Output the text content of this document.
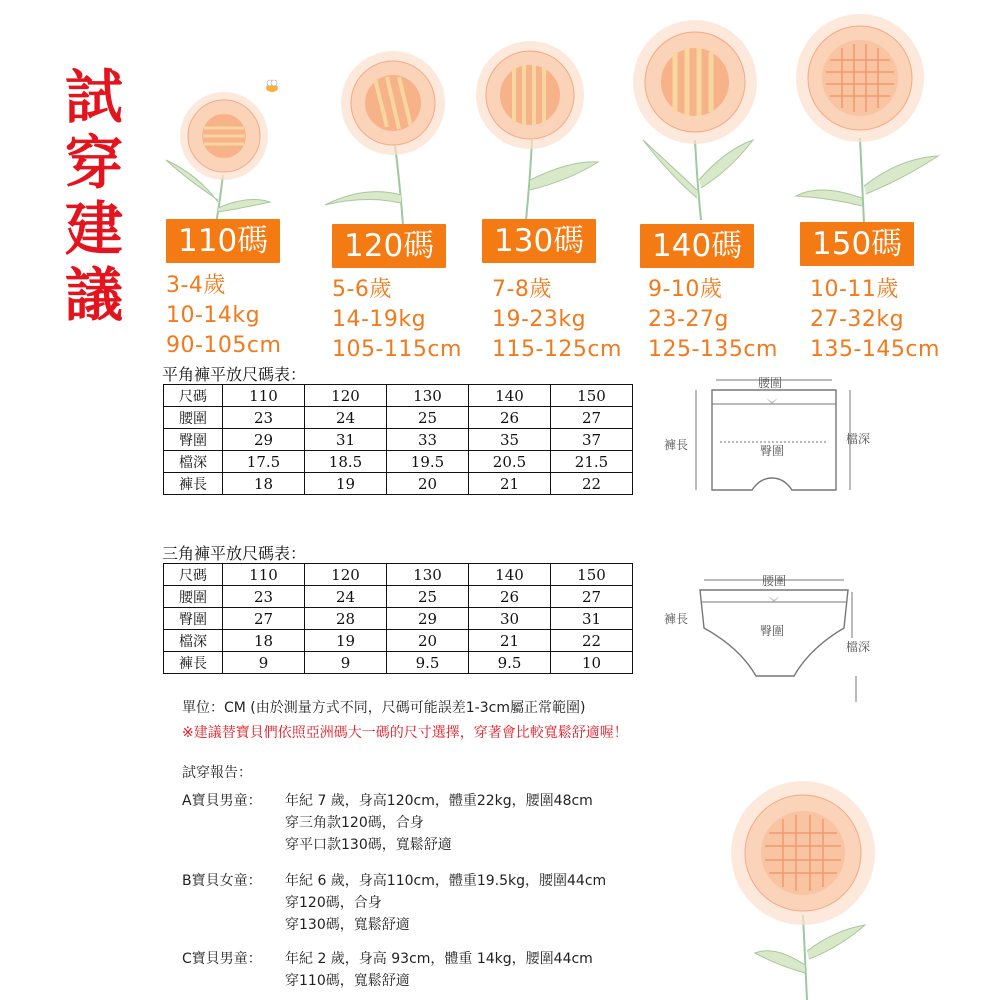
試
穿
建
議
110碼	120碼	130碼	140碼	150碼
3-4歲
10-14kg
90-105cm
5-6歲
14-19kg
105-115cm
7-8歲
19-23kg
115-125cm
9-10歲
23-27g
125-135cm
10-11歲
27-32kg
135-145cm
平角褲平放尺碼表：
尺碼	110	120	130	140	150
腰圍	23	24	25	26	27
臀圍	29	31	33	35	37
檔深	17.5	18.5	19.5	20.5	21.5
褲長	18	19	20	21	22
腰圍
褲長	臀圍
檔深
三角褲平放尺碼表：
尺碼	110	120	130	140	150
腰圍	23	24	25	26	27
臀圍	27	28	29	30	31
檔深	18	19	20	21	22
褲長	9	9	9.5	9.5	10
腰圍
褲長
臀圍
檔深
單位：CM (由於測量方式不同，尺碼可能誤差1-3cm屬正常範圍)
※建議替寶貝們依照亞洲碼大一碼的尺寸選擇，穿著會比較寬鬆舒適喔！
試穿報告：
A寶貝男童： 年紀 7 歲，身高120cm，體重22kg，腰圍48cm
穿三角款120碼，合身
穿平口款130碼，寬鬆舒適
B寶貝女童： 年紀 6 歲，身高110cm，體重19.5kg，腰圍44cm
穿120碼，合身
穿130碼，寬鬆舒適
C寶貝男童： 年紀 2 歲，身高 93cm，體重 14kg，腰圍44cm
穿110碼，寬鬆舒適
